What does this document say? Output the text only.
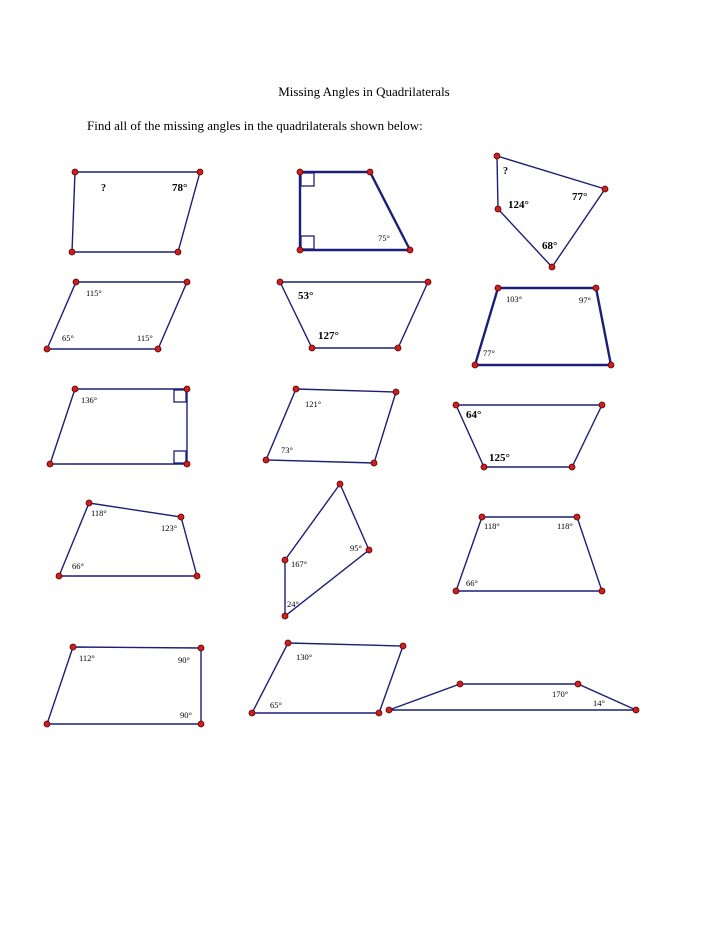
Missing Angles in Quadrilaterals
Find all of the missing angles in the quadrilaterals shown below:
?	78°
75°
?
124°
77°
68°
115°
65°	115°
53°
127°
103°	97°
77°
136°	121°
73°
64°
125°
118°
123°
66°
95°
167°
24°
118°	118°
66°
112°	90°
90°
130°
65°
170°
14°
